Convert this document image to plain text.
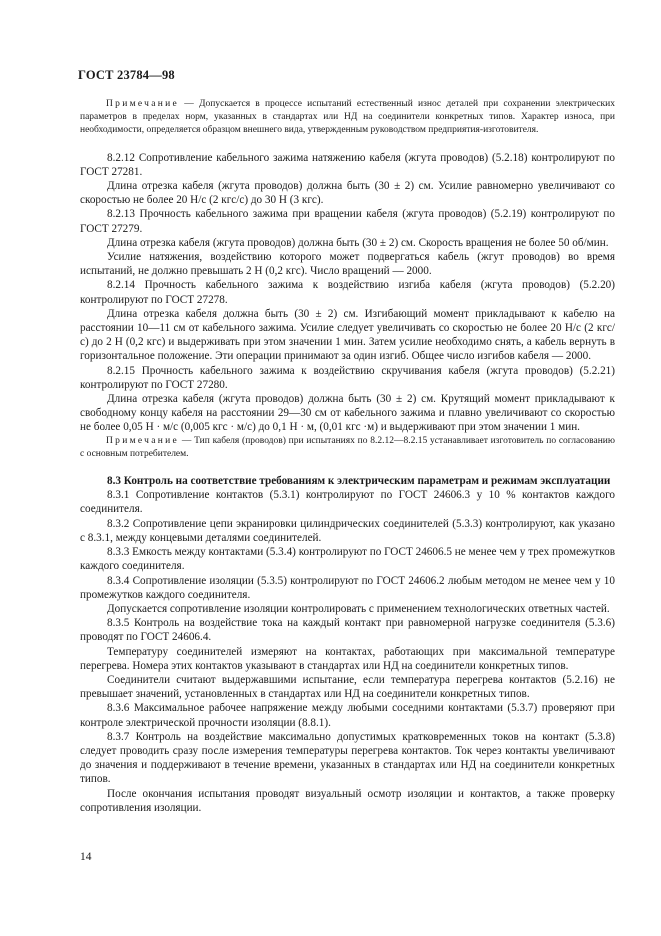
ГОСТ 23784—98

Примечание — Допускается в процессе испытаний естественный износ деталей при сохранении электрических параметров в пределах норм, указанных в стандартах или НД на соединители конкретных типов. Характер износа, при необходимости, определяется образцом внешнего вида, утвержденным руководством предприятия-изготовителя.

8.2.12 Сопротивление кабельного зажима натяжению кабеля (жгута проводов) (5.2.18) контролируют по ГОСТ 27281.

Длина отрезка кабеля (жгута проводов) должна быть (30 ± 2) см. Усилие равномерно увеличивают со скоростью не более 20 Н/с (2 кгс/с) до 30 Н (3 кгс).

8.2.13 Прочность кабельного зажима при вращении кабеля (жгута проводов) (5.2.19) контролируют по ГОСТ 27279.

Длина отрезка кабеля (жгута проводов) должна быть (30 ± 2) см. Скорость вращения не более 50 об/мин.

Усилие натяжения, воздействию которого может подвергаться кабель (жгут проводов) во время испытаний, не должно превышать 2 Н (0,2 кгс). Число вращений — 2000.

8.2.14 Прочность кабельного зажима к воздействию изгиба кабеля (жгута проводов) (5.2.20) контролируют по ГОСТ 27278.

Длина отрезка кабеля должна быть (30 ± 2) см. Изгибающий момент прикладывают к кабелю на расстоянии 10—11 см от кабельного зажима. Усилие следует увеличивать со скоростью не более 20 Н/с (2 кгс/с) до 2 Н (0,2 кгс) и выдерживать при этом значении 1 мин. Затем усилие необходимо снять, а кабель вернуть в горизонтальное положение. Эти операции принимают за один изгиб. Общее число изгибов кабеля — 2000.

8.2.15 Прочность кабельного зажима к воздействию скручивания кабеля (жгута проводов) (5.2.21) контролируют по ГОСТ 27280.

Длина отрезка кабеля (жгута проводов) должна быть (30 ± 2) см. Крутящий момент прикладывают к свободному концу кабеля на расстоянии 29—30 см от кабельного зажима и плавно увеличивают со скоростью не более 0,05 Н · м/с (0,005 кгс · м/с) до 0,1 Н · м, (0,01 кгс ·м) и выдерживают при этом значении 1 мин.

Примечание — Тип кабеля (проводов) при испытаниях по 8.2.12—8.2.15 устанавливает изготовитель по согласованию с основным потребителем.

8.3 Контроль на соответствие требованиям к электрическим параметрам и режимам эксплуатации

8.3.1 Сопротивление контактов (5.3.1) контролируют по ГОСТ 24606.3 у 10 % контактов каждого соединителя.

8.3.2 Сопротивление цепи экранировки цилиндрических соединителей (5.3.3) контролируют, как указано с 8.3.1, между концевыми деталями соединителей.

8.3.3 Емкость между контактами (5.3.4) контролируют по ГОСТ 24606.5 не менее чем у трех промежутков каждого соединителя.

8.3.4 Сопротивление изоляции (5.3.5) контролируют по ГОСТ 24606.2 любым методом не менее чем у 10 промежутков каждого соединителя.

Допускается сопротивление изоляции контролировать с применением технологических ответных частей.

8.3.5 Контроль на воздействие тока на каждый контакт при равномерной нагрузке соединителя (5.3.6) проводят по ГОСТ 24606.4.

Температуру соединителей измеряют на контактах, работающих при максимальной температуре перегрева. Номера этих контактов указывают в стандартах или НД на соединители конкретных типов.

Соединители считают выдержавшими испытание, если температура перегрева контактов (5.2.16) не превышает значений, установленных в стандартах или НД на соединители конкретных типов.

8.3.6 Максимальное рабочее напряжение между любыми соседними контактами (5.3.7) проверяют при контроле электрической прочности изоляции (8.8.1).

8.3.7 Контроль на воздействие максимально допустимых кратковременных токов на контакт (5.3.8) следует проводить сразу после измерения температуры перегрева контактов. Ток через контакты увеличивают до значения и поддерживают в течение времени, указанных в стандартах или НД на соединители конкретных типов.

После окончания испытания проводят визуальный осмотр изоляции и контактов, а также проверку сопротивления изоляции.

14
